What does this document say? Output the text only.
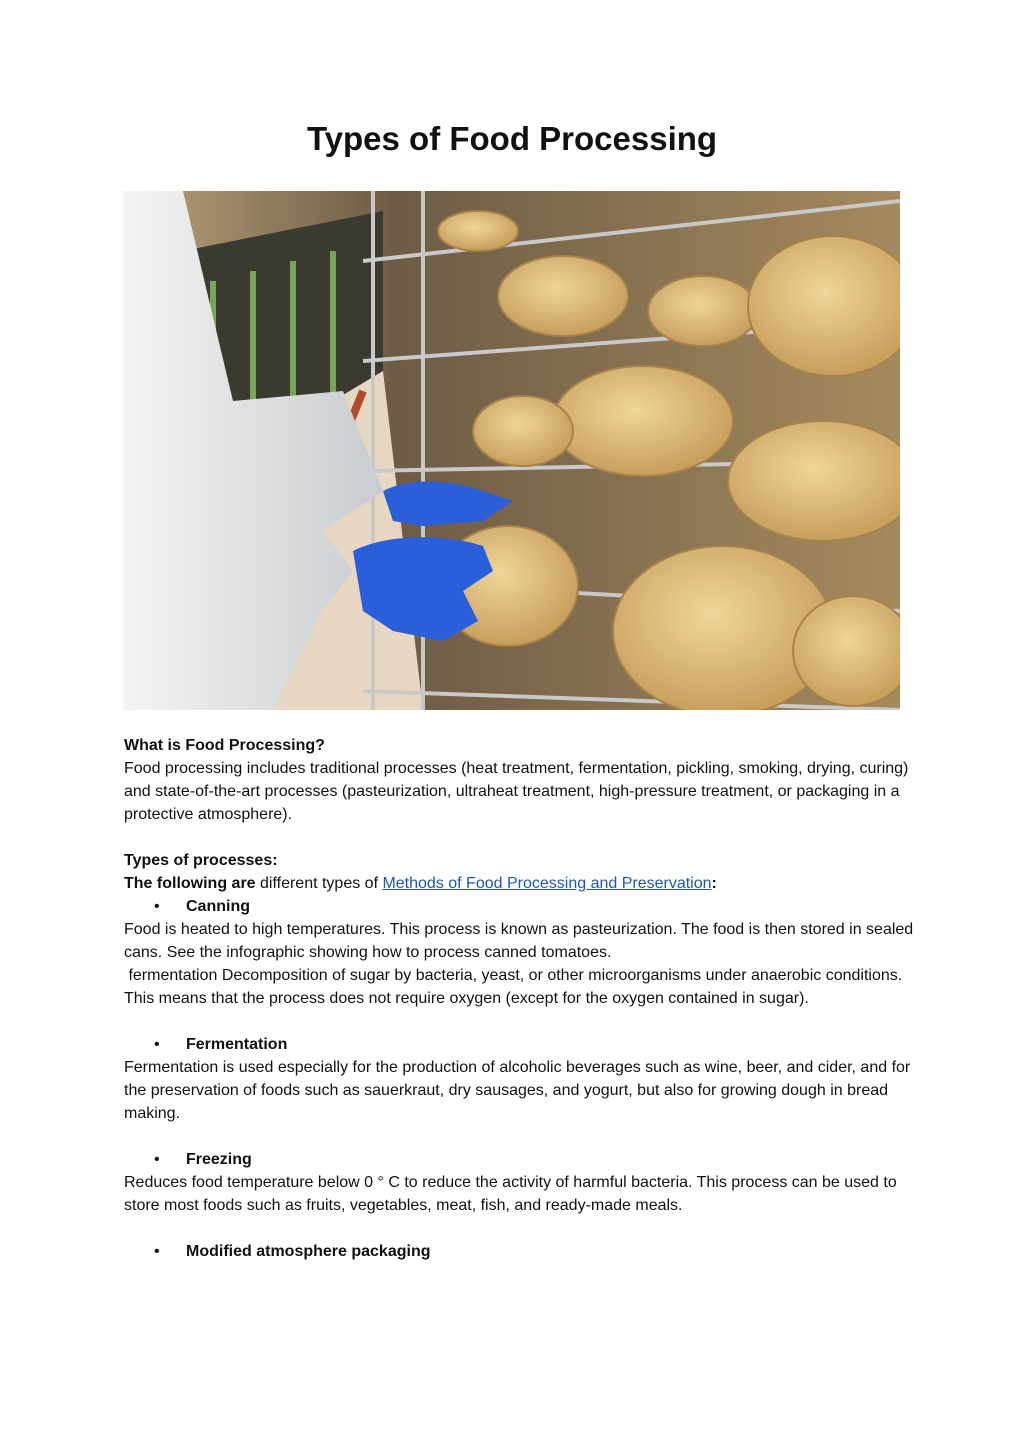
Types of Food Processing

What is Food Processing?

Food processing includes traditional processes (heat treatment, fermentation, pickling, smoking, drying, curing) and state-of-the-art processes (pasteurization, ultraheat treatment, high-pressure treatment, or packaging in a protective atmosphere).

Types of processes:

The following are different types of Methods of Food Processing and Preservation:

•	Canning

Food is heated to high temperatures. This process is known as pasteurization. The food is then stored in sealed cans. See the infographic showing how to process canned tomatoes.

fermentation Decomposition of sugar by bacteria, yeast, or other microorganisms under anaerobic conditions. This means that the process does not require oxygen (except for the oxygen contained in sugar).

•	Fermentation

Fermentation is used especially for the production of alcoholic beverages such as wine, beer, and cider, and for the preservation of foods such as sauerkraut, dry sausages, and yogurt, but also for growing dough in bread making.

•	Freezing

Reduces food temperature below 0 ° C to reduce the activity of harmful bacteria. This process can be used to store most foods such as fruits, vegetables, meat, fish, and ready-made meals.

•	Modified atmosphere packaging
